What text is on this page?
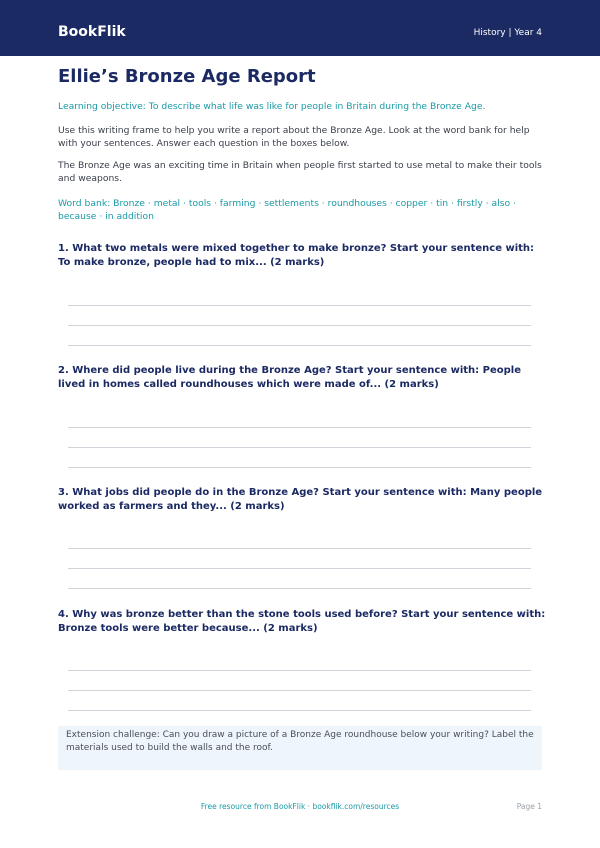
BookFlik	History | Year 4
Ellie’s Bronze Age Report

Learning objective: To describe what life was like for people in Britain during the Bronze Age.

Use this writing frame to help you write a report about the Bronze Age. Look at the word bank for help with your sentences. Answer each question in the boxes below.

The Bronze Age was an exciting time in Britain when people first started to use metal to make their tools and weapons.

Word bank: Bronze · metal · tools · farming · settlements · roundhouses · copper · tin · firstly · also · because · in addition

1. What two metals were mixed together to make bronze? Start your sentence with: To make bronze, people had to mix... (2 marks)

2. Where did people live during the Bronze Age? Start your sentence with: People lived in homes called roundhouses which were made of... (2 marks)

3. What jobs did people do in the Bronze Age? Start your sentence with: Many people worked as farmers and they... (2 marks)

4. Why was bronze better than the stone tools used before? Start your sentence with: Bronze tools were better because... (2 marks)

Extension challenge: Can you draw a picture of a Bronze Age roundhouse below your writing? Label the materials used to build the walls and the roof.

Free resource from BookFlik · bookflik.com/resources	Page 1
